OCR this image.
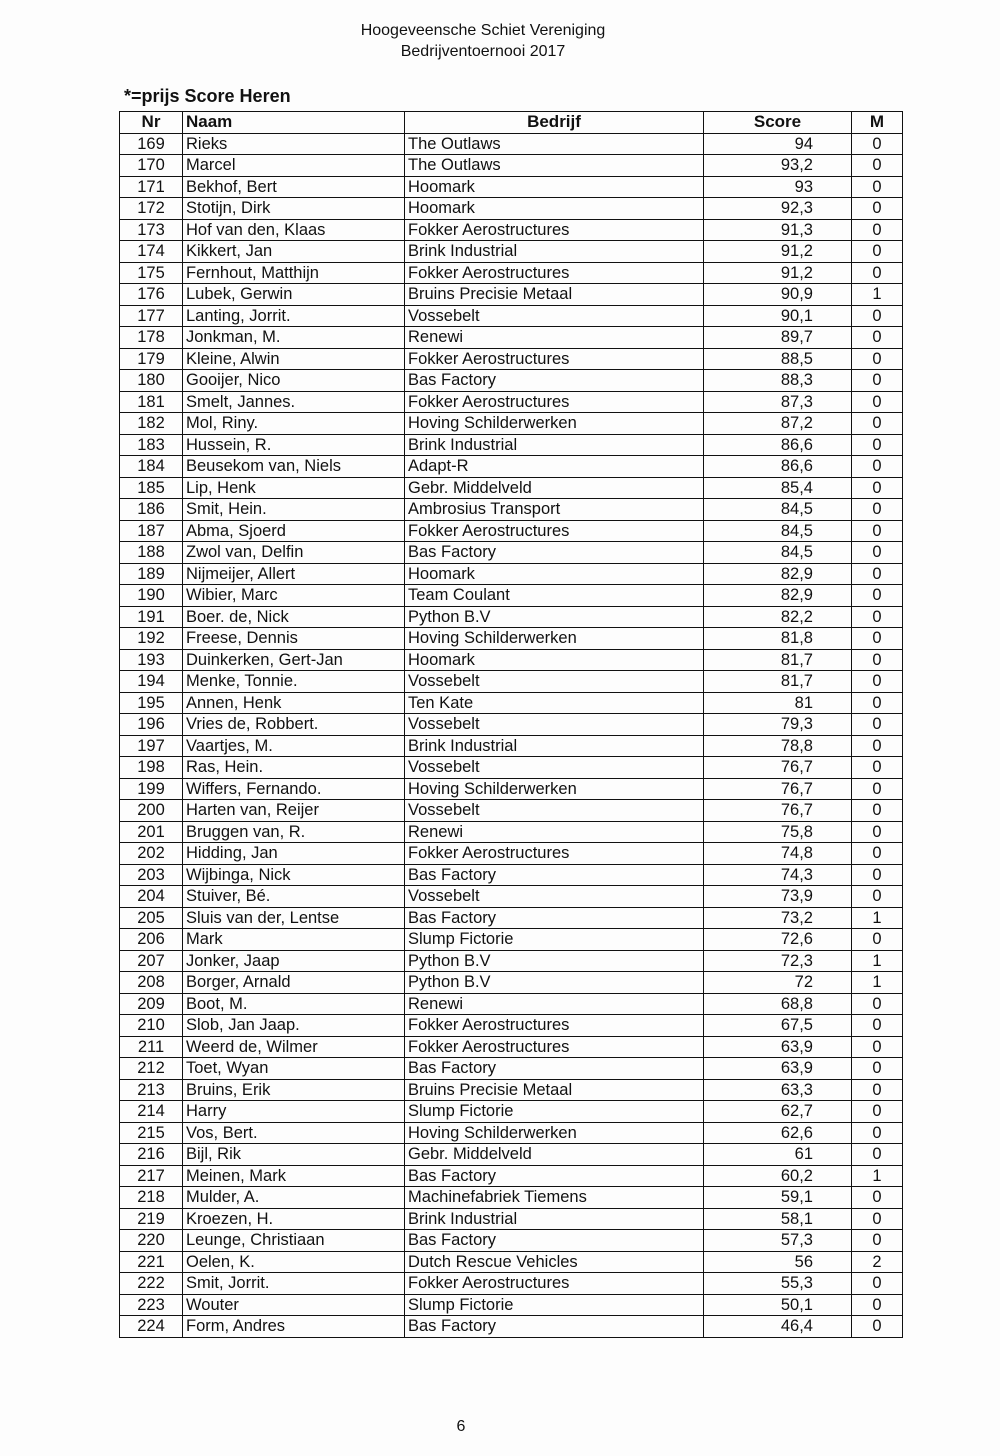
Hoogeveensche Schiet Vereniging
Bedrijventoernooi 2017
*=prijs Score Heren
Nr	Naam	Bedrijf	Score	M
169	Rieks	The Outlaws	94	0
170	Marcel	The Outlaws	93,2	0
171	Bekhof, Bert	Hoomark	93	0
172	Stotijn, Dirk	Hoomark	92,3	0
173	Hof van den, Klaas	Fokker Aerostructures	91,3	0
174	Kikkert, Jan	Brink Industrial	91,2	0
175	Fernhout, Matthijn	Fokker Aerostructures	91,2	0
176	Lubek, Gerwin	Bruins Precisie Metaal	90,9	1
177	Lanting, Jorrit.	Vossebelt	90,1	0
178	Jonkman, M.	Renewi	89,7	0
179	Kleine, Alwin	Fokker Aerostructures	88,5	0
180	Gooijer, Nico	Bas Factory	88,3	0
181	Smelt, Jannes.	Fokker Aerostructures	87,3	0
182	Mol, Riny.	Hoving Schilderwerken	87,2	0
183	Hussein, R.	Brink Industrial	86,6	0
184	Beusekom van, Niels	Adapt-R	86,6	0
185	Lip, Henk	Gebr. Middelveld	85,4	0
186	Smit, Hein.	Ambrosius Transport	84,5	0
187	Abma, Sjoerd	Fokker Aerostructures	84,5	0
188	Zwol van, Delfin	Bas Factory	84,5	0
189	Nijmeijer, Allert	Hoomark	82,9	0
190	Wibier, Marc	Team Coulant	82,9	0
191	Boer. de, Nick	Python B.V	82,2	0
192	Freese, Dennis	Hoving Schilderwerken	81,8	0
193	Duinkerken, Gert-Jan	Hoomark	81,7	0
194	Menke, Tonnie.	Vossebelt	81,7	0
195	Annen, Henk	Ten Kate	81	0
196	Vries de, Robbert.	Vossebelt	79,3	0
197	Vaartjes, M.	Brink Industrial	78,8	0
198	Ras, Hein.	Vossebelt	76,7	0
199	Wiffers, Fernando.	Hoving Schilderwerken	76,7	0
200	Harten van, Reijer	Vossebelt	76,7	0
201	Bruggen van, R.	Renewi	75,8	0
202	Hidding, Jan	Fokker Aerostructures	74,8	0
203	Wijbinga, Nick	Bas Factory	74,3	0
204	Stuiver, Bé.	Vossebelt	73,9	0
205	Sluis van der, Lentse	Bas Factory	73,2	1
206	Mark	Slump Fictorie	72,6	0
207	Jonker, Jaap	Python B.V	72,3	1
208	Borger, Arnald	Python B.V	72	1
209	Boot, M.	Renewi	68,8	0
210	Slob, Jan Jaap.	Fokker Aerostructures	67,5	0
211	Weerd de, Wilmer	Fokker Aerostructures	63,9	0
212	Toet, Wyan	Bas Factory	63,9	0
213	Bruins, Erik	Bruins Precisie Metaal	63,3	0
214	Harry	Slump Fictorie	62,7	0
215	Vos, Bert.	Hoving Schilderwerken	62,6	0
216	Bijl, Rik	Gebr. Middelveld	61	0
217	Meinen, Mark	Bas Factory	60,2	1
218	Mulder, A.	Machinefabriek Tiemens	59,1	0
219	Kroezen, H.	Brink Industrial	58,1	0
220	Leunge, Christiaan	Bas Factory	57,3	0
221	Oelen, K.	Dutch Rescue Vehicles	56	2
222	Smit, Jorrit.	Fokker Aerostructures	55,3	0
223	Wouter	Slump Fictorie	50,1	0
224	Form, Andres	Bas Factory	46,4	0
6
